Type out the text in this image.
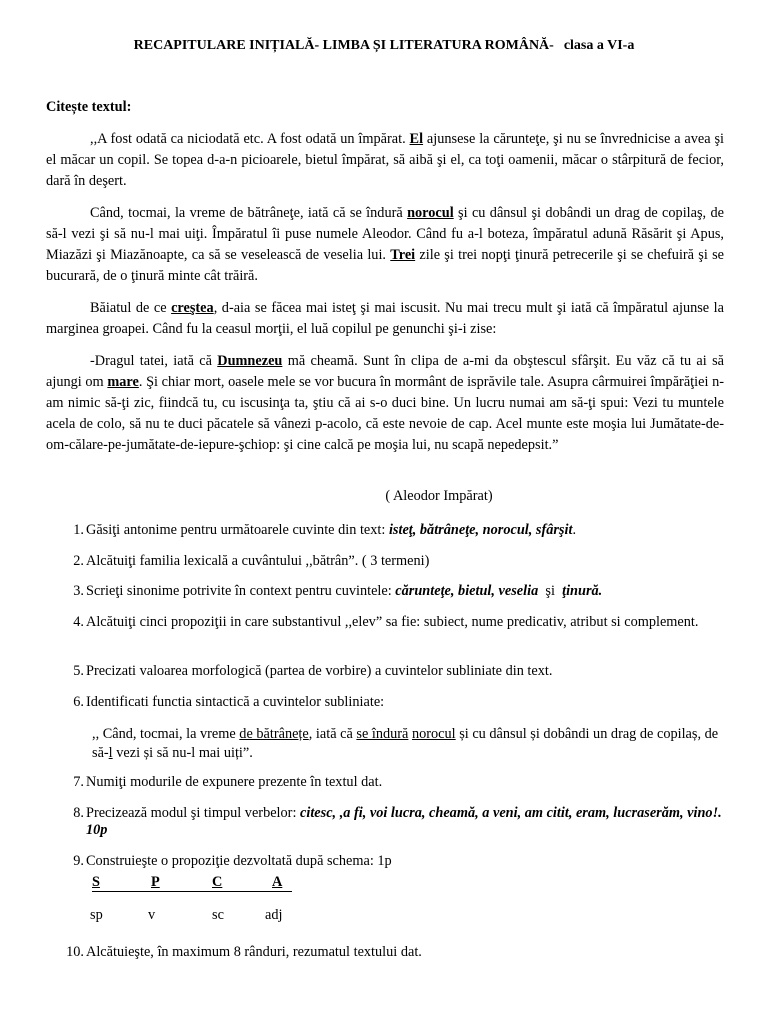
RECAPITULARE INIȚIALĂ- LIMBA ȘI LITERATURA ROMÂNĂ- clasa a VI-a
Citește textul:

,,A fost odată ca niciodată etc. A fost odată un împărat. El ajunsese la cărunteţe, şi nu se învrednicise a avea şi el măcar un copil. Se topea d-a-n picioarele, bietul împărat, să aibă şi el, ca toţi oamenii, măcar o stârpitură de fecior, dară în deşert.

Când, tocmai, la vreme de bătrâneţe, iată că se îndură norocul şi cu dânsul şi dobândi un drag de copilaş, de să-l vezi şi să nu-l mai uiţi. Împăratul îi puse numele Aleodor. Când fu a-l boteza, împăratul adună Răsărit şi Apus, Miazăzi şi Miazănoapte, ca să se veselească de veselia lui. Trei zile şi trei nopţi ţinură petrecerile şi se chefuiră şi se bucurară, de o ţinură minte cât trăiră.

Băiatul de ce creştea, d-aia se făcea mai isteţ şi mai iscusit. Nu mai trecu mult şi iată că împăratul ajunse la marginea groapei. Când fu la ceasul morţii, el luă copilul pe genunchi şi-i zise:

-Dragul tatei, iată că Dumnezeu mă cheamă. Sunt în clipa de a-mi da obştescul sfârşit. Eu văz că tu ai să ajungi om mare. Şi chiar mort, oasele mele se vor bucura în mormânt de isprăvile tale. Asupra cârmuirei împărăţiei n-am nimic să-ţi zic, fiindcă tu, cu iscusinţa ta, ştiu că ai s-o duci bine. Un lucru numai am să-ţi spui: Vezi tu muntele acela de colo, să nu te duci păcatele să vânezi p-acolo, că este nevoie de cap. Acel munte este moşia lui Jumătate-de-om-călare-pe-jumătate-de-iepure-şchiop: şi cine calcă pe moşia lui, nu scapă nepedepsit.”

( Aleodor Impărat)
1. Găsiţi antonime pentru următoarele cuvinte din text: isteţ, bătrâneţe, norocul, sfârşit.
2. Alcătuiţi familia lexicală a cuvântului ,,bătrân”. ( 3 termeni)
3. Scrieţi sinonime potrivite în context pentru cuvintele: cărunteţe, bietul, veselia  şi  ţinură.
4. Alcătuiţi cinci propoziţii in care substantivul ,,elev” sa fie: subiect, nume predicativ, atribut si complement.
5. Precizati valoarea morfologică (partea de vorbire) a cuvintelor subliniate din text.
6. Identificati functia sintactică a cuvintelor subliniate:
,, Când, tocmai, la vreme de bătrânețe, iată că se îndură norocul și cu dânsul și dobândi un drag de copilaș, de să-l vezi și să nu-l mai uiți”.
7. Numiţi modurile de expunere prezente în textul dat.
8. Precizează modul şi timpul verbelor: citesc, ,a fi, voi lucra, cheamă, a veni, am citit, eram, lucraserăm, vino!. 10p
9. Construieşte o propoziţie dezvoltată după schema: 1p
S	P	C	A
sp	v	sc	adj
10. Alcătuieşte, în maximum 8 rânduri, rezumatul textului dat.
